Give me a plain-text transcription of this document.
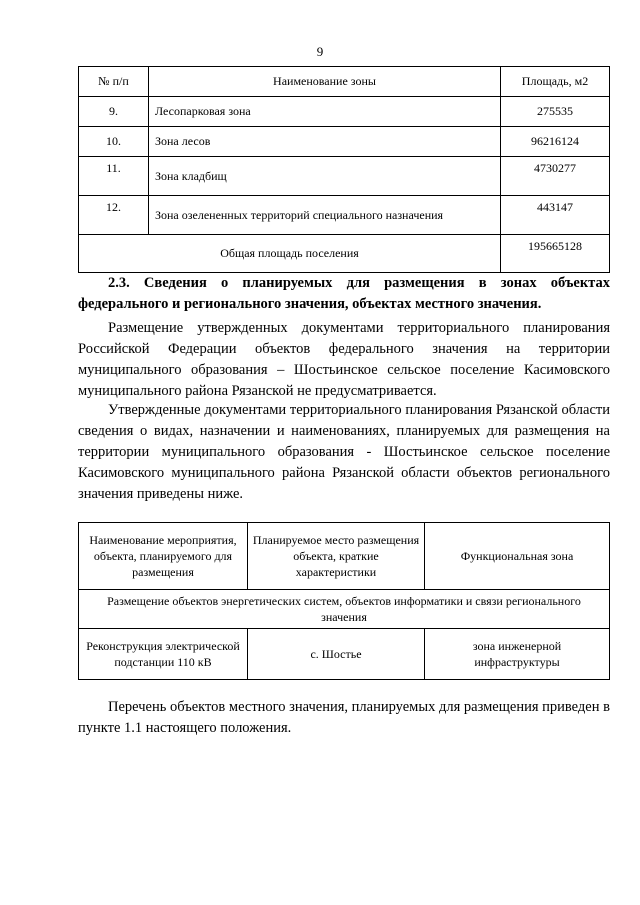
9
№ п/п	Наименование зоны	Площадь, м2
9.	Лесопарковая зона	275535
10.	Зона лесов	96216124
11.	Зона кладбищ	4730277
12.	Зона озелененных территорий специального назначения	443147
Общая площадь поселения		195665128

2.3. Сведения о планируемых для размещения в зонах объектах федерального и регионального значения, объектах местного значения.

Размещение утвержденных документами территориального планирования Российской Федерации объектов федерального значения на территории муниципального образования – Шостьинское сельское поселение Касимовского муниципального района Рязанской не предусматривается.

Утвержденные документами территориального планирования Рязанской области сведения о видах, назначении и наименованиях, планируемых для размещения на территории муниципального образования - Шостьинское сельское поселение Касимовского муниципального района Рязанской области объектов регионального значения приведены ниже.

Наименование мероприятия, объекта, планируемого для размещения	Планируемое место размещения объекта, краткие характеристики	Функциональная зона
Размещение объектов энергетических систем, объектов информатики и связи регионального значения		
Реконструкция электрической подстанции 110 кВ	с. Шостье	зона инженерной инфраструктуры

Перечень объектов местного значения, планируемых для размещения приведен в пункте 1.1 настоящего положения.
